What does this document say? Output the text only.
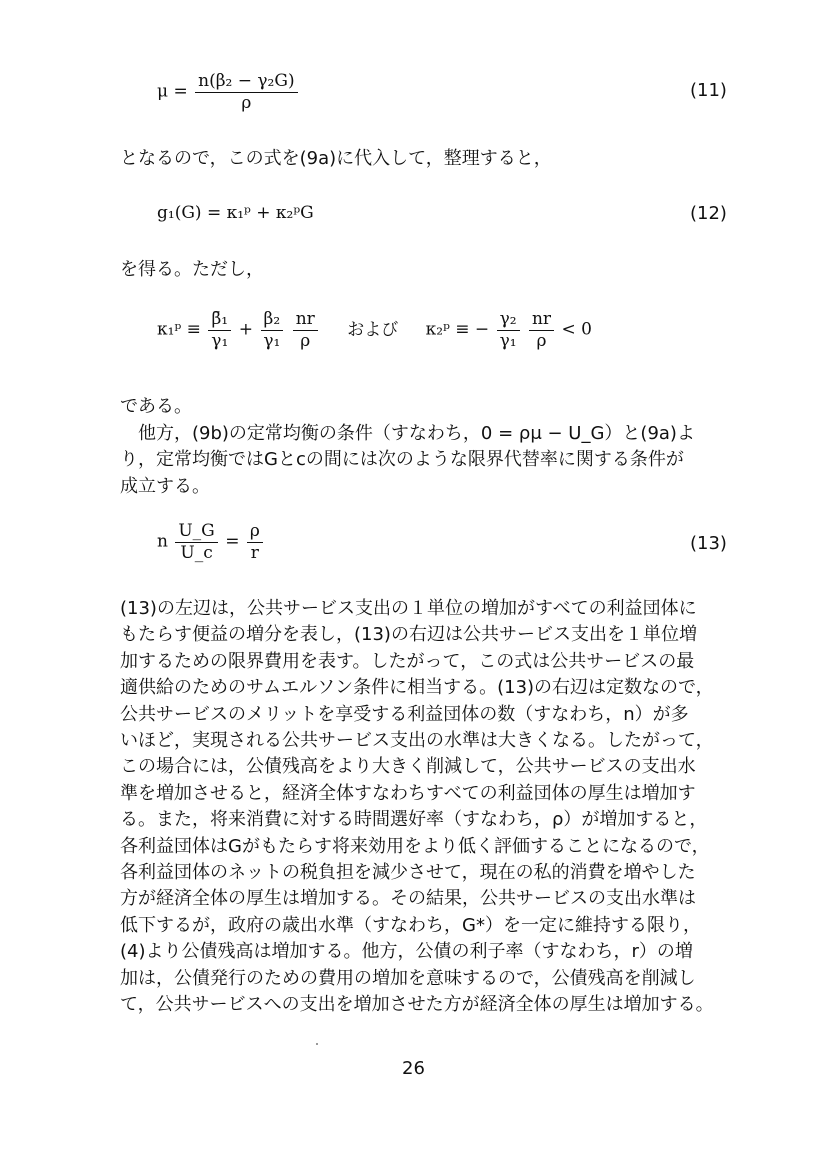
$\mu = \frac{\text{n(β₂ − γ₂G)}}{\rho}$	(11)
となるので，この式を(9a)に代入して，整理すると，
g₁(G) = κ₁ᵖ + κ₂ᵖG	(12)
を得る。ただし，
κ₁ᵖ ≡ $\frac{\text{β̄₁}}{\text{γ₁}} + \frac{\text{β₂}}{\text{γ₁}}$
$\frac{nr}{\rho}$ および κ₂ᵖ ≡ − $\frac{\text{γ₂}}{\text{γ₁}}$
$\frac{nr}{\rho} < 0$
である。
　他方，(9b)の定常均衡の条件（すなわち，0 = ρμ − U_G）と(9a)よ
り，定常均衡ではGとcの間には次のような限界代替率に関する条件が
成立する。
n $\frac{U\_G}{U\_c} = \frac{\rho}{r}$	(13)
(13)の左辺は，公共サービス支出の１単位の増加がすべての利益団体に
もたらす便益の増分を表し，(13)の右辺は公共サービス支出を１単位増
加するための限界費用を表す。したがって，この式は公共サービスの最
適供給のためのサムエルソン条件に相当する。(13)の右辺は定数なので，
公共サービスのメリットを享受する利益団体の数（すなわち，n）が多
いほど，実現される公共サービス支出の水準は大きくなる。したがって，
この場合には，公債残高をより大きく削減して，公共サービスの支出水
準を増加させると，経済全体すなわちすべての利益団体の厚生は増加す
る。また，将来消費に対する時間選好率（すなわち，ρ）が増加すると，
各利益団体はGがもたらす将来効用をより低く評価することになるので，
各利益団体のネットの税負担を減少させて，現在の私的消費を増やした
方が経済全体の厚生は増加する。その結果，公共サービスの支出水準は
低下するが，政府の歳出水準（すなわち，G*）を一定に維持する限り，
(4)より公債残高は増加する。他方，公債の利子率（すなわち，r）の増
加は，公債発行のための費用の増加を意味するので，公債残高を削減し
て，公共サービスへの支出を増加させた方が経済全体の厚生は増加する。
26
